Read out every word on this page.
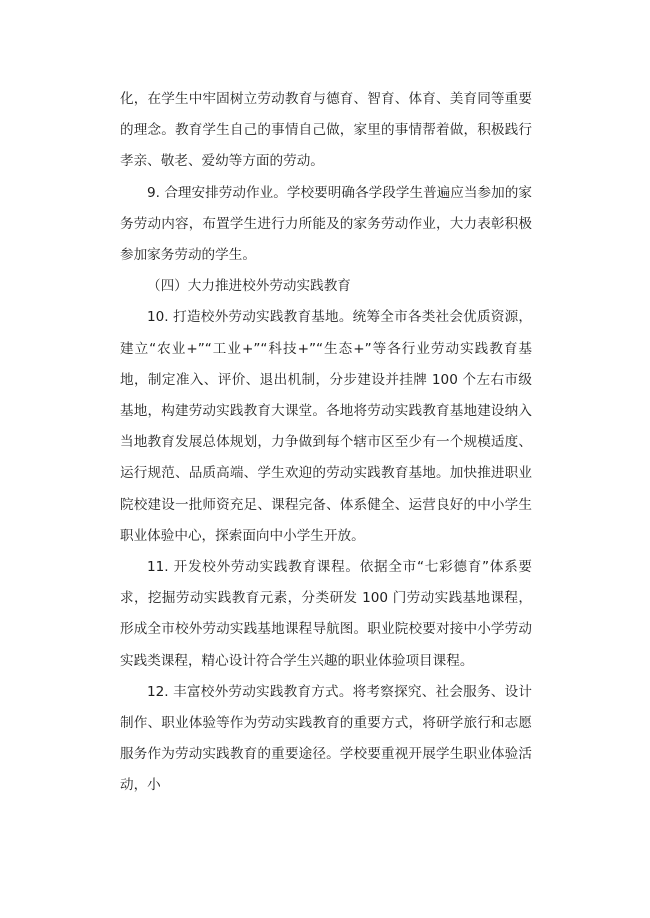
化，在学生中牢固树立劳动教育与德育、智育、体育、美育同等重要的理念。教育学生自己的事情自己做，家里的事情帮着做，积极践行孝亲、敬老、爱幼等方面的劳动。

9. 合理安排劳动作业。学校要明确各学段学生普遍应当参加的家务劳动内容，布置学生进行力所能及的家务劳动作业，大力表彰积极参加家务劳动的学生。

（四）大力推进校外劳动实践教育

10. 打造校外劳动实践教育基地。统筹全市各类社会优质资源，建立“农业+”“工业+”“科技+”“生态+”等各行业劳动实践教育基地，制定准入、评价、退出机制，分步建设并挂牌 100 个左右市级基地，构建劳动实践教育大课堂。各地将劳动实践教育基地建设纳入当地教育发展总体规划，力争做到每个辖市区至少有一个规模适度、运行规范、品质高端、学生欢迎的劳动实践教育基地。加快推进职业院校建设一批师资充足、课程完备、体系健全、运营良好的中小学生职业体验中心，探索面向中小学生开放。

11. 开发校外劳动实践教育课程。依据全市“七彩德育”体系要求，挖掘劳动实践教育元素，分类研发 100 门劳动实践基地课程，形成全市校外劳动实践基地课程导航图。职业院校要对接中小学劳动实践类课程，精心设计符合学生兴趣的职业体验项目课程。

12. 丰富校外劳动实践教育方式。将考察探究、社会服务、设计制作、职业体验等作为劳动实践教育的重要方式，将研学旅行和志愿服务作为劳动实践教育的重要途径。学校要重视开展学生职业体验活动，小
